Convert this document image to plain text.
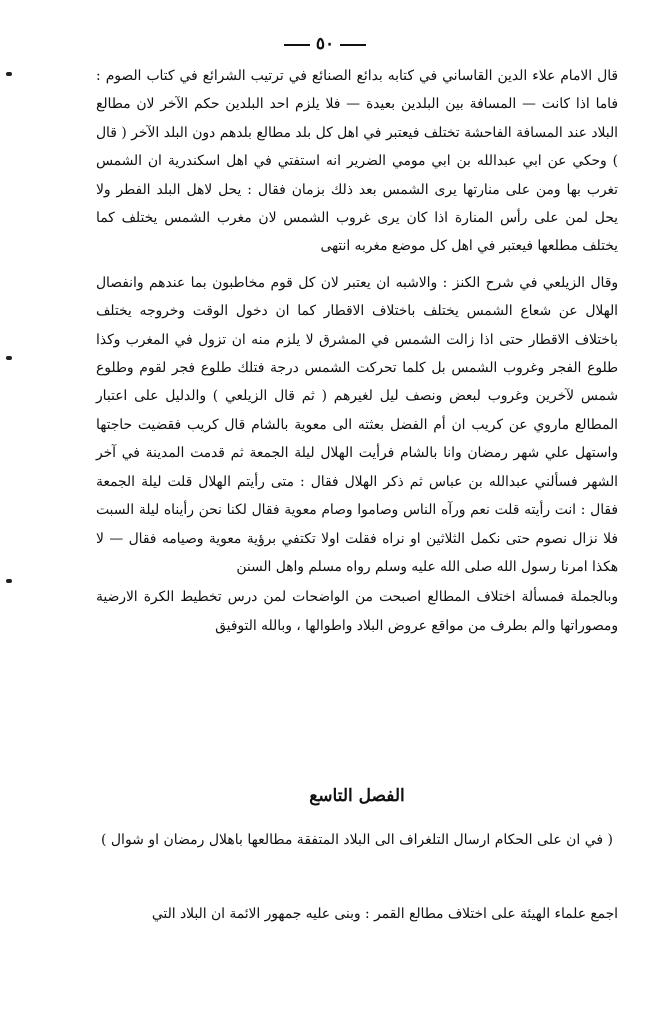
٥٠

قال الامام علاء الدين القاساني في كتابه بدائع الصنائع في ترتيب الشرائع في كتاب الصوم : فاما اذا كانت — المسافة بين البلدين بعيدة — فلا يلزم احد البلدين حكم الآخر لان مطالع البلاد عند المسافة الفاحشة تختلف فيعتبر في اهل كل بلد مطالع بلدهم دون البلد الآخر ( قال ) وحكي عن ابي عبدالله بن ابي مومي الضرير انه استفتي في اهل اسكندرية ان الشمس تغرب بها ومن على منارتها يرى الشمس بعد ذلك بزمان فقال : يحل لاهل البلد الفطر ولا يحل لمن على رأس المنارة اذا كان يرى غروب الشمس لان مغرب الشمس يختلف كما يختلف مطلعها فيعتبر في اهل كل موضع مغربه انتهى

وقال الزيلعي في شرح الكنز : والاشبه ان يعتبر لان كل قوم مخاطبون بما عندهم وانفصال الهلال عن شعاع الشمس يختلف باختلاف الاقطار كما ان دخول الوقت وخروجه يختلف باختلاف الاقطار حتى اذا زالت الشمس في المشرق لا يلزم منه ان تزول في المغرب وكذا طلوع الفجر وغروب الشمس بل كلما تحركت الشمس درجة فتلك طلوع فجر لقوم وطلوع شمس لآخرين وغروب لبعض ونصف ليل لغيرهم ( ثم قال الزيلعي ) والدليل على اعتبار المطالع ماروي عن كريب ان أم الفضل بعثته الى معوية بالشام قال كريب فقضيت حاجتها واستهل علي شهر رمضان وانا بالشام فرأيت الهلال ليلة الجمعة ثم قدمت المدينة في آخر الشهر فسألني عبدالله بن عباس ثم ذكر الهلال فقال : متى رأيتم الهلال قلت ليلة الجمعة فقال : انت رأيته قلت نعم ورآه الناس وصاموا وصام معوية فقال لكنا نحن رأيناه ليلة السبت فلا نزال نصوم حتى نكمل الثلاثين او نراه فقلت اولا تكتفي برؤية معوية وصيامه فقال — لا هكذا امرنا رسول الله صلى الله عليه وسلم رواه مسلم واهل السنن

وبالجملة فمسألة اختلاف المطالع اصبحت من الواضحات لمن درس تخطيط الكرة الارضية ومصوراتها والم بطرف من مواقع عروض البلاد واطوالها ، وبالله التوفيق

الفصل التاسع
( في ان على الحكام ارسال التلغراف الى البلاد المتفقة مطالعها باهلال رمضان او شوال )
اجمع علماء الهيئة على اختلاف مطالع القمر : وبنى عليه جمهور الائمة ان البلاد التي
